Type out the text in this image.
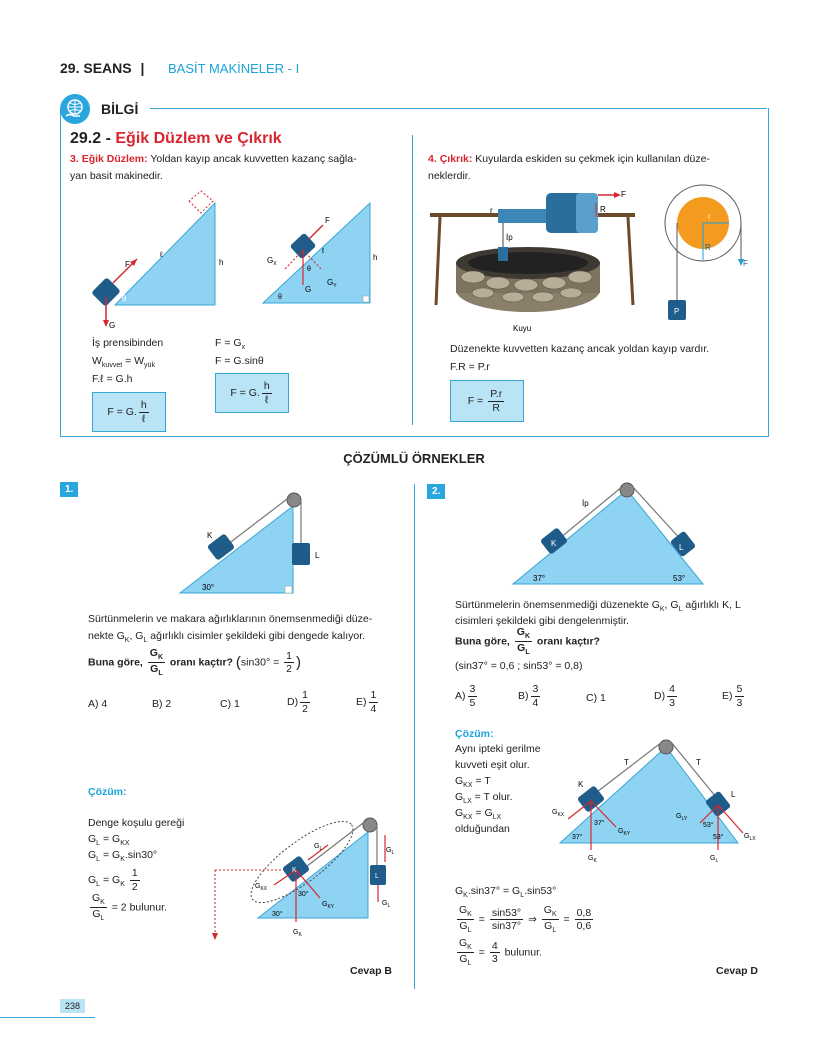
29. SEANS |	BASİT MAKİNELER - I
BİLGİ
29.2 - Eğik Düzlem ve Çıkrık
3. Eğik Düzlem: Yoldan kayıp ancak kuvvetten kazanç sağla-
yan basit makinedir.
F
ℓ
h
G
θ
F
ℓ
h
$G_X$
$G_Y$
G
θ
θ
İş prensibinden
$W_{kuvvet} = W_{yük}$
F.ℓ = G.h
F = G. $\frac{h}{\text{ℓ}}$
$F = G_x$
F = G.sinθ
F = G. $\frac{h}{\text{ℓ}}$
4. Çıkrık: Kuyularda eskiden su çekmek için kullanılan düze-
neklerdir.
r	R
F
İp
Kuyu
r
R
F
P
Düzenekte kuvvetten kazanç ancak yoldan kayıp vardır.
F.R = P.r
$F = \frac{P.r}{R}$
ÇÖZÜMLÜ ÖRNEKLER
1.
K
L
30°
Sürtünmelerin ve makara ağırlıklarının önemsenmediği düze-
nekte $G_K$, $G_L$ ağırlıklı cisimler şekildeki gibi dengede kalıyor.
Buna göre, $\frac{G_K}{G_L}$ oranı kaçtır? ($\sin 30^\circ = \frac{1}{2}$ )
A) 4	B) 2	C) 1	$D) \frac{1}{2}$	$E) \frac{1}{4}$
Çözüm:
Denge koşulu gereği
$G_L = G_{KX}$
$G_L = G_K.\sin 30^\circ$
$G_L = G_K \frac{1}{2}$
$\frac{G_K}{G_L} = 2$ bulunur.
$G_L$	$G_L$
$G_L$
$G_{KX}$
$G_{KY}$
$G_K$
K
L
30°
30°
Cevap B
2.
K	L
İp
37°	53°
Sürtünmelerin önemsenmediği düzenekte $G_K$, $G_L$ ağırlıklı K, L
cisimleri şekildeki gibi dengelenmiştir.
Buna göre, $\frac{G_K}{G_L}$ oranı kaçtır?
(sin37° = 0,6 ; sin53° = 0,8)
$A) \frac{3}{5}$	$B) \frac{3}{4}$	C) 1	$D) \frac{4}{3}$	$E) \frac{5}{3}$
Çözüm:
Aynı ipteki gerilme
kuvveti eşit olur.
$G_{KX} = T$
$G_{LX} = T$ olur.
$G_{KX} = G_{LX}$
olduğundan
T	T
K
L
$G_{KX}$
$G_{KY}$
$G_K$
$G_{LY}$
$G_{LX}$
$G_L$
37°
37°	53°
53°
$G_K.\sin 37^\circ = G_L.\sin 53^\circ$
$\frac{G_K}{G_L} = \frac{\sin 53^\circ}{\sin 37^\circ}$ ⇒ $\frac{G_K}{G_L} = \frac{0,8}{0,6}$
$\frac{G_K}{G_L} = \frac{4}{3}$ bulunur.
Cevap D
238
